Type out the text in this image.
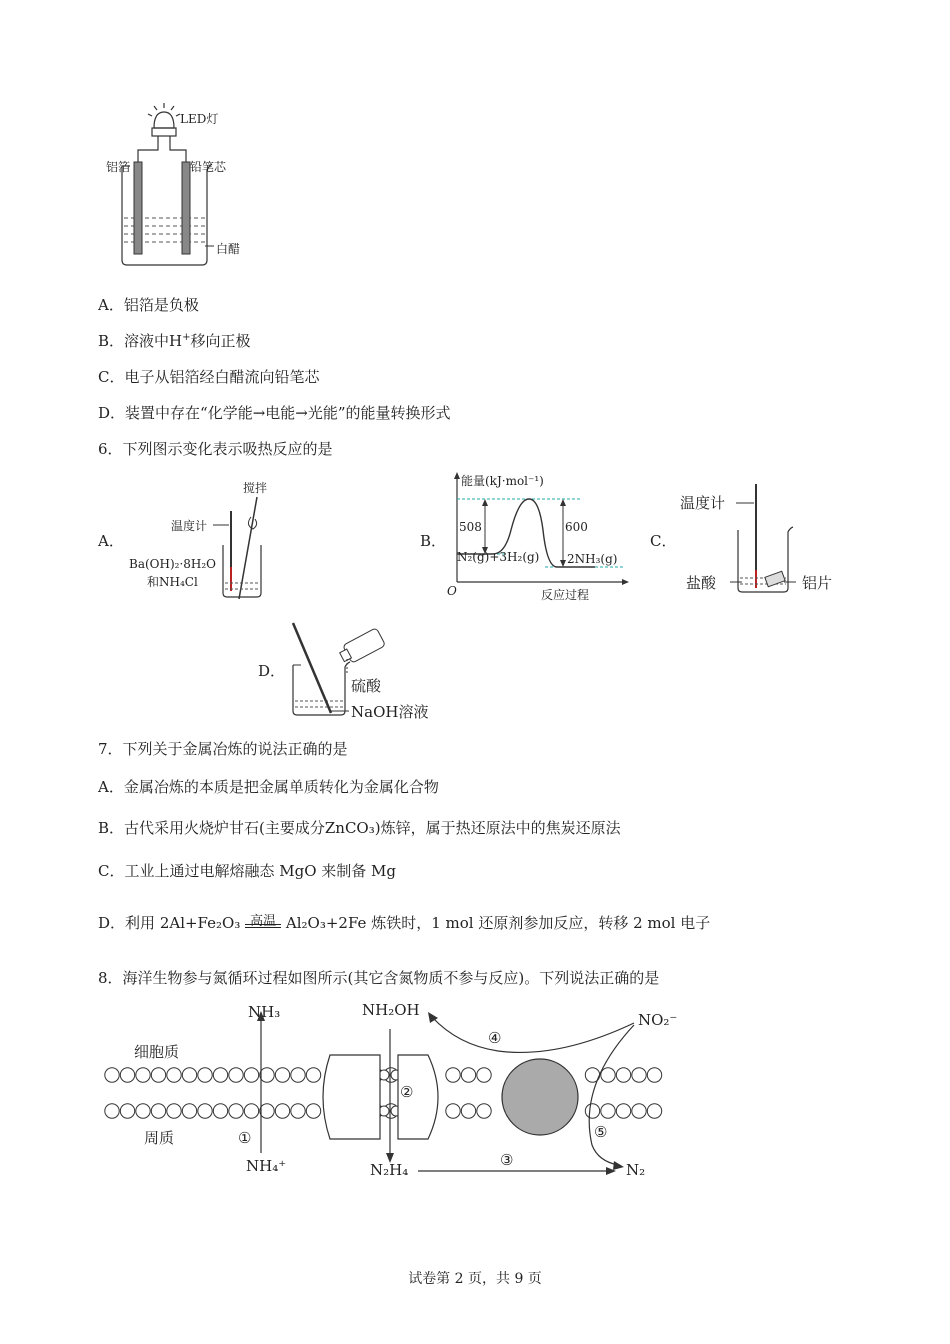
LED灯
铝箔	铅笔芯
白醋
A．铝箔是负极
B．溶液中H+移向正极
C．电子从铝箔经白醋流向铅笔芯
D．装置中存在“化学能→电能→光能”的能量转换形式
6．下列图示变化表示吸热反应的是
A．
搅拌
温度计
Ba(OH)₂·8H₂O
和NH₄Cl
B．
能量(kJ·mol⁻¹)
508	600
N₂(g)+3H₂(g) 2NH₃(g)
O	反应过程
C．
温度计
盐酸	铝片
D．
硫酸
NaOH溶液
7．下列关于金属冶炼的说法正确的是
A．金属冶炼的本质是把金属单质转化为金属化合物
B．古代采用火烧炉甘石(主要成分ZnCO₃)炼锌，属于热还原法中的焦炭还原法
C．工业上通过电解熔融态 MgO 来制备 Mg
D．利用 2Al+Fe₂O₃ 高温 Al₂O₃+2Fe 炼铁时，1 mol 还原剂参加反应，转移 2 mol 电子
8．海洋生物参与氮循环过程如图所示(其它含氮物质不参与反应)。下列说法正确的是
NH₃
NH₄⁺
NH₂OH
N₂H₄
NO₂⁻
N₂
细胞质
周质	①
②
③
④
⑤
试卷第 2 页，共 9 页
